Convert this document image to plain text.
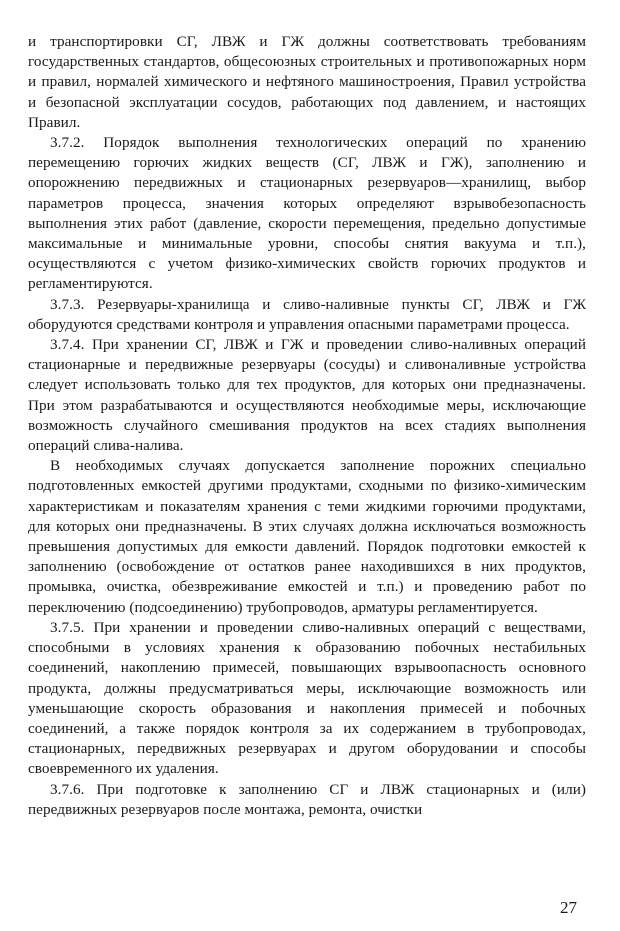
и транспортировки СГ, ЛВЖ и ГЖ должны соответствовать требованиям государственных стандартов, общесоюзных строительных и противопожарных норм и правил, нормалей химического и нефтяного машиностроения, Правил устройства и безопасной эксплуатации сосудов, работающих под давлением, и настоящих Правил.

3.7.2. Порядок выполнения технологических операций по хранению перемещению горючих жидких веществ (СГ, ЛВЖ и ГЖ), заполнению и опорожнению передвижных и стационарных резервуаров—хранилищ, выбор параметров процесса, значения которых определяют взрывобезопасность выполнения этих работ (давление, скорости перемещения, предельно допустимые максимальные и минимальные уровни, способы снятия вакуума и т.п.), осуществляются с учетом физико-химических свойств горючих продуктов и регламентируются.

3.7.3. Резервуары-хранилища и сливо-наливные пункты СГ, ЛВЖ и ГЖ оборудуются средствами контроля и управления опасными параметрами процесса.

3.7.4. При хранении СГ, ЛВЖ и ГЖ и проведении сливо-наливных операций стационарные и передвижные резервуары (сосуды) и сливоналивные устройства следует использовать только для тех продуктов, для которых они предназначены. При этом разрабатываются и осуществляются необходимые меры, исключающие возможность случайного смешивания продуктов на всех стадиях выполнения операций слива-налива.

В необходимых случаях допускается заполнение порожних специально подготовленных емкостей другими продуктами, сходными по физико-химическим характеристикам и показателям хранения с теми жидкими горючими продуктами, для которых они предназначены. В этих случаях должна исключаться возможность превышения допустимых для емкости давлений. Порядок подготовки емкостей к заполнению (освобождение от остатков ранее находившихся в них продуктов, промывка, очистка, обезвреживание емкостей и т.п.) и проведению работ по переключению (подсоединению) трубопроводов, арматуры регламентируется.

3.7.5. При хранении и проведении сливо-наливных операций с веществами, способными в условиях хранения к образованию побочных нестабильных соединений, накоплению примесей, повышающих взрывоопасность основного продукта, должны предусматриваться меры, исключающие возможность или уменьшающие скорость образования и накопления примесей и побочных соединений, а также порядок контроля за их содержанием в трубопроводах, стационарных, передвижных резервуарах и другом оборудовании и способы своевременного их удаления.

3.7.6. При подготовке к заполнению СГ и ЛВЖ стационарных и (или) передвижных резервуаров после монтажа, ремонта, очистки

27
